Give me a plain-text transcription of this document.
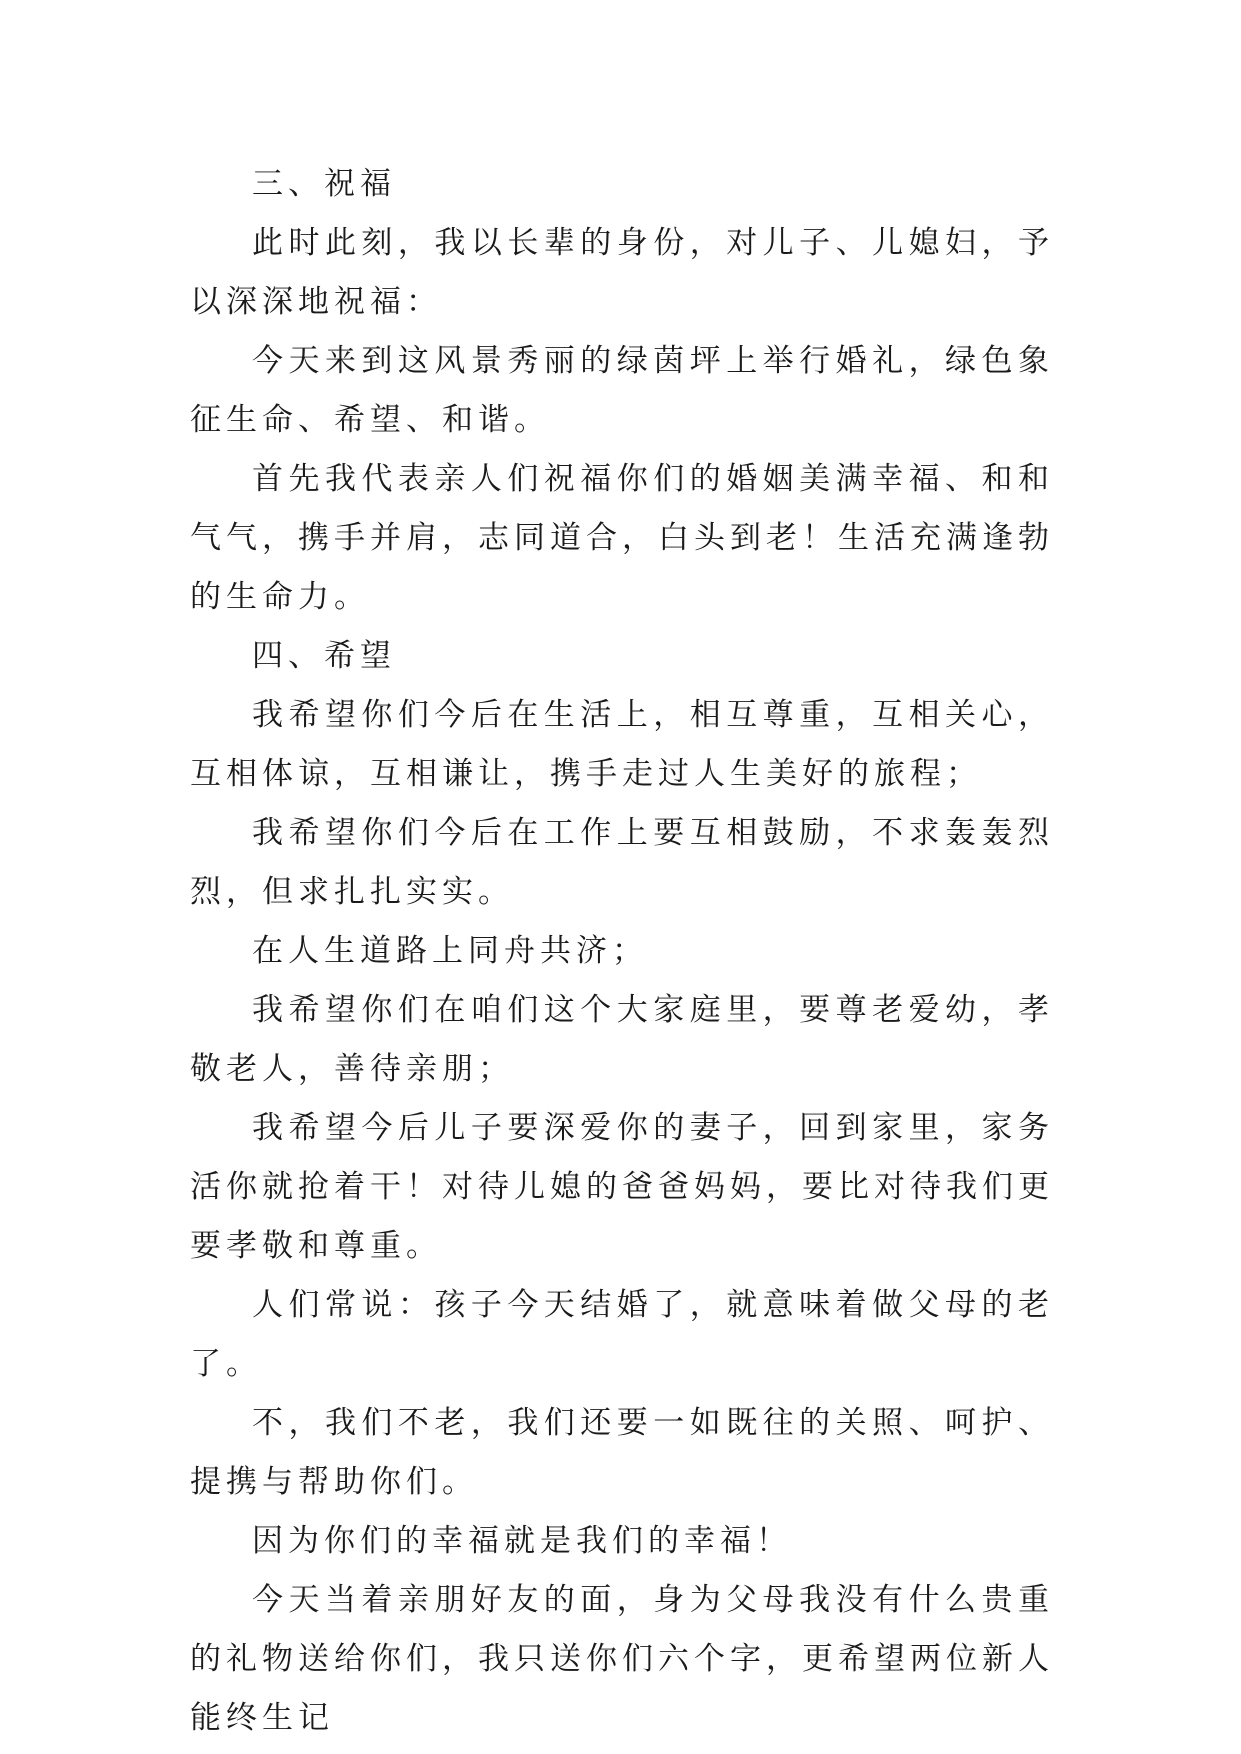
三、祝福

此时此刻，我以长辈的身份，对儿子、儿媳妇，予以深深地祝福：

今天来到这风景秀丽的绿茵坪上举行婚礼，绿色象征生命、希望、和谐。

首先我代表亲人们祝福你们的婚姻美满幸福、和和气气，携手并肩，志同道合，白头到老！生活充满逢勃的生命力。

四、希望

我希望你们今后在生活上，相互尊重，互相关心，互相体谅，互相谦让，携手走过人生美好的旅程；

我希望你们今后在工作上要互相鼓励，不求轰轰烈烈，但求扎扎实实。

在人生道路上同舟共济；

我希望你们在咱们这个大家庭里，要尊老爱幼，孝敬老人，善待亲朋；

我希望今后儿子要深爱你的妻子，回到家里，家务活你就抢着干！对待儿媳的爸爸妈妈，要比对待我们更要孝敬和尊重。

人们常说：孩子今天结婚了，就意味着做父母的老了。

不，我们不老，我们还要一如既往的关照、呵护、提携与帮助你们。

因为你们的幸福就是我们的幸福！

今天当着亲朋好友的面，身为父母我没有什么贵重的礼物送给你们，我只送你们六个字，更希望两位新人能终生记
